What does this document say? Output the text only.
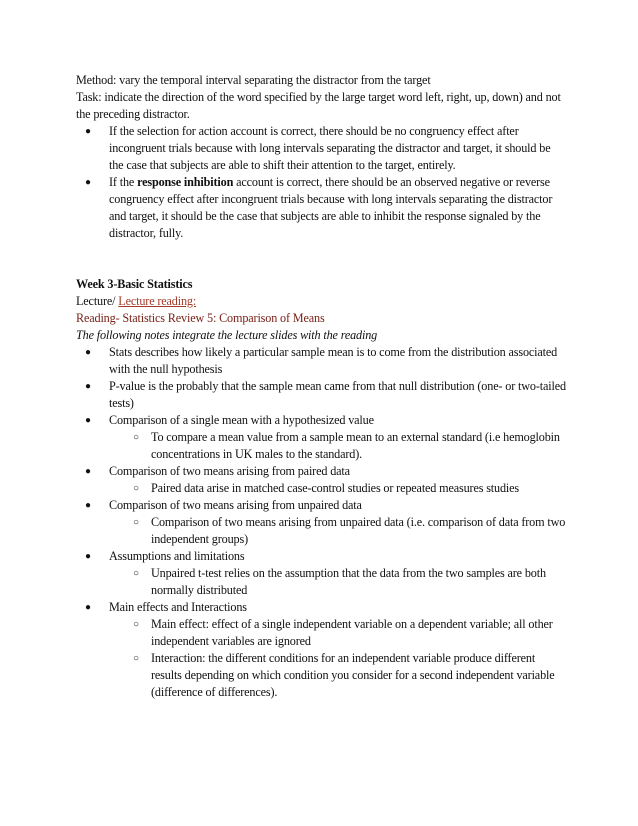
Method: vary the temporal interval separating the distractor from the target

Task: indicate the direction of the word specified by the large target word left, right, up, down) and not the preceding distractor.

● If the selection for action account is correct, there should be no congruency effect after incongruent trials because with long intervals separating the distractor and target, it should be the case that subjects are able to shift their attention to the target, entirely.
● If the response inhibition account is correct, there should be an observed negative or reverse congruency effect after incongruent trials because with long intervals separating the distractor and target, it should be the case that subjects are able to inhibit the response signaled by the distractor, fully.

Week 3-Basic Statistics

Lecture/ Lecture reading:

Reading- Statistics Review 5: Comparison of Means

The following notes integrate the lecture slides with the reading

● Stats describes how likely a particular sample mean is to come from the distribution associated with the null hypothesis
● P-value is the probably that the sample mean came from that null distribution (one- or two-tailed tests)
● Comparison of a single mean with a hypothesized value
○ To compare a mean value from a sample mean to an external standard (i.e hemoglobin concentrations in UK males to the standard).
● Comparison of two means arising from paired data
○ Paired data arise in matched case-control studies or repeated measures studies
● Comparison of two means arising from unpaired data
○ Comparison of two means arising from unpaired data (i.e. comparison of data from two independent groups)
● Assumptions and limitations
○ Unpaired t-test relies on the assumption that the data from the two samples are both normally distributed
● Main effects and Interactions
○ Main effect: effect of a single independent variable on a dependent variable; all other independent variables are ignored
○ Interaction: the different conditions for an independent variable produce different results depending on which condition you consider for a second independent variable (difference of differences).
